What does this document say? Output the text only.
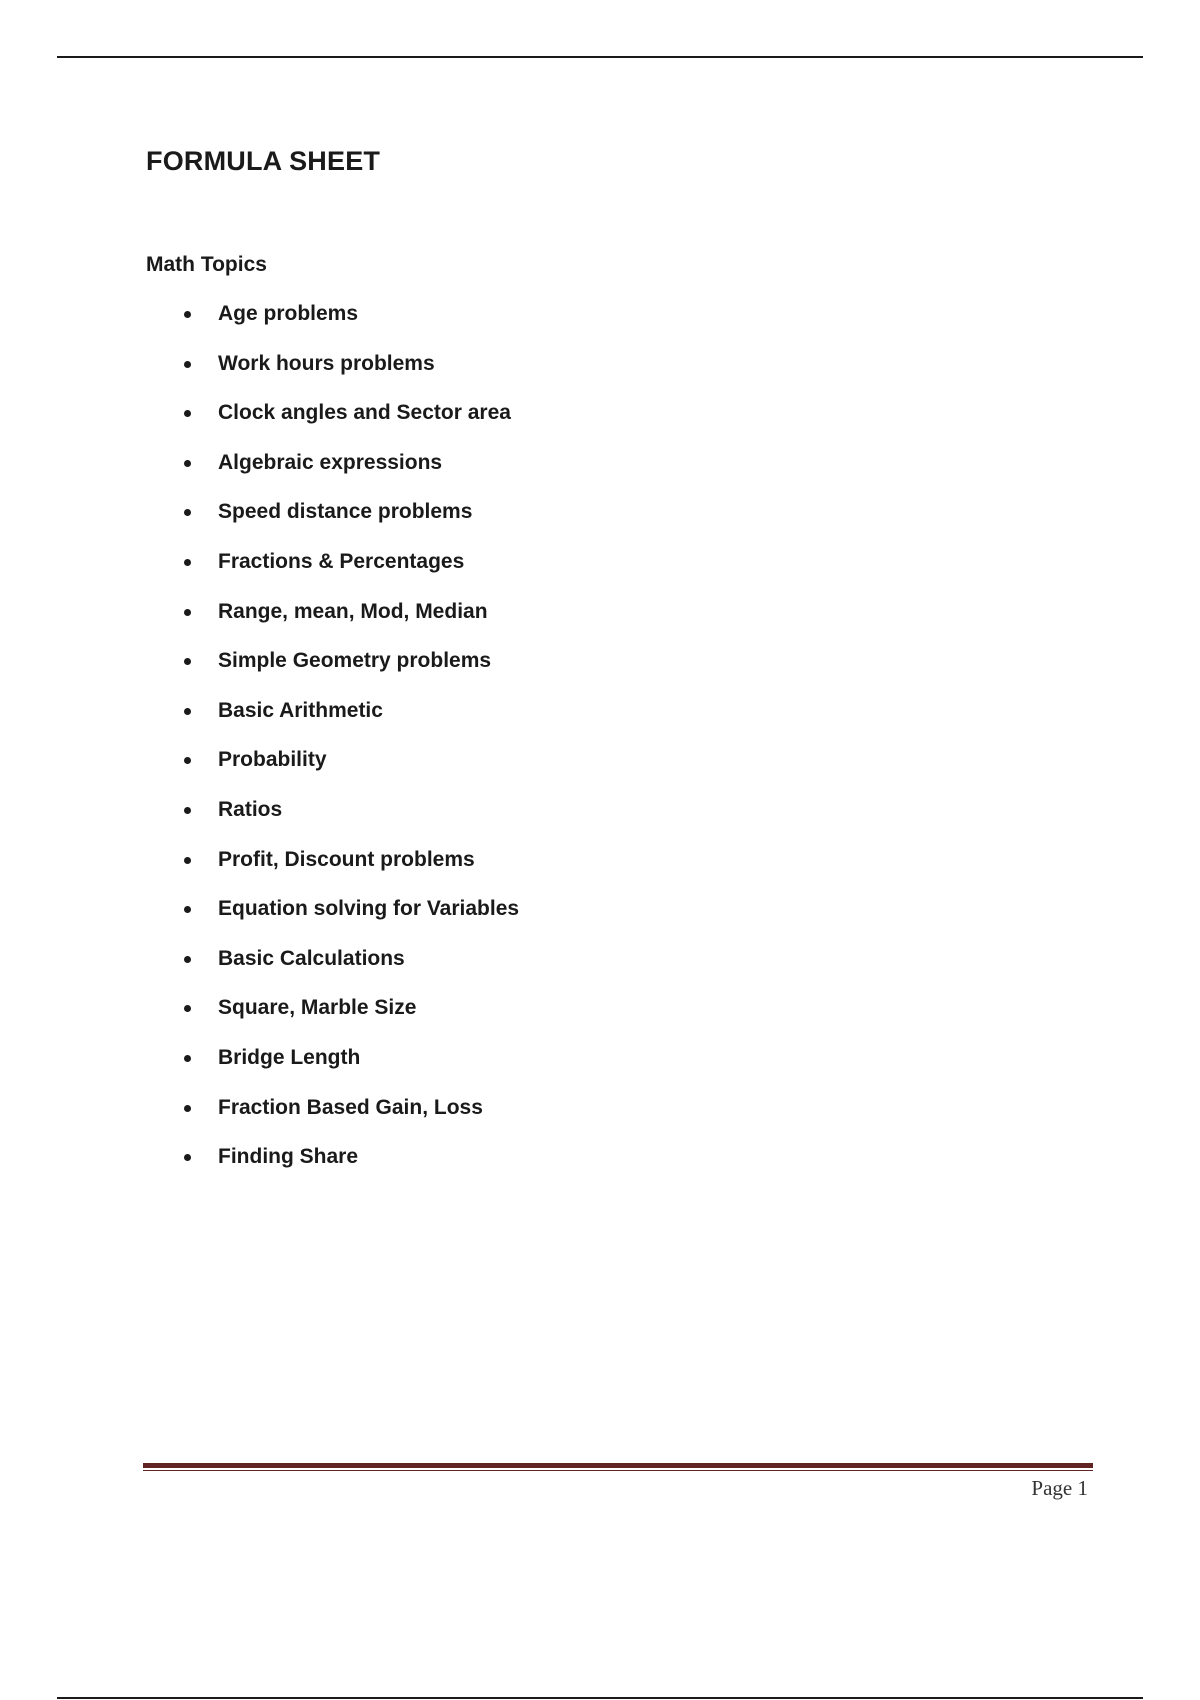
FORMULA SHEET
Math Topics
Age problems
Work hours problems
Clock angles and Sector area
Algebraic expressions
Speed distance problems
Fractions & Percentages
Range, mean, Mod, Median
Simple Geometry problems
Basic Arithmetic
Probability
Ratios
Profit, Discount problems
Equation solving for Variables
Basic Calculations
Square, Marble Size
Bridge Length
Fraction Based Gain, Loss
Finding Share
Page 1
